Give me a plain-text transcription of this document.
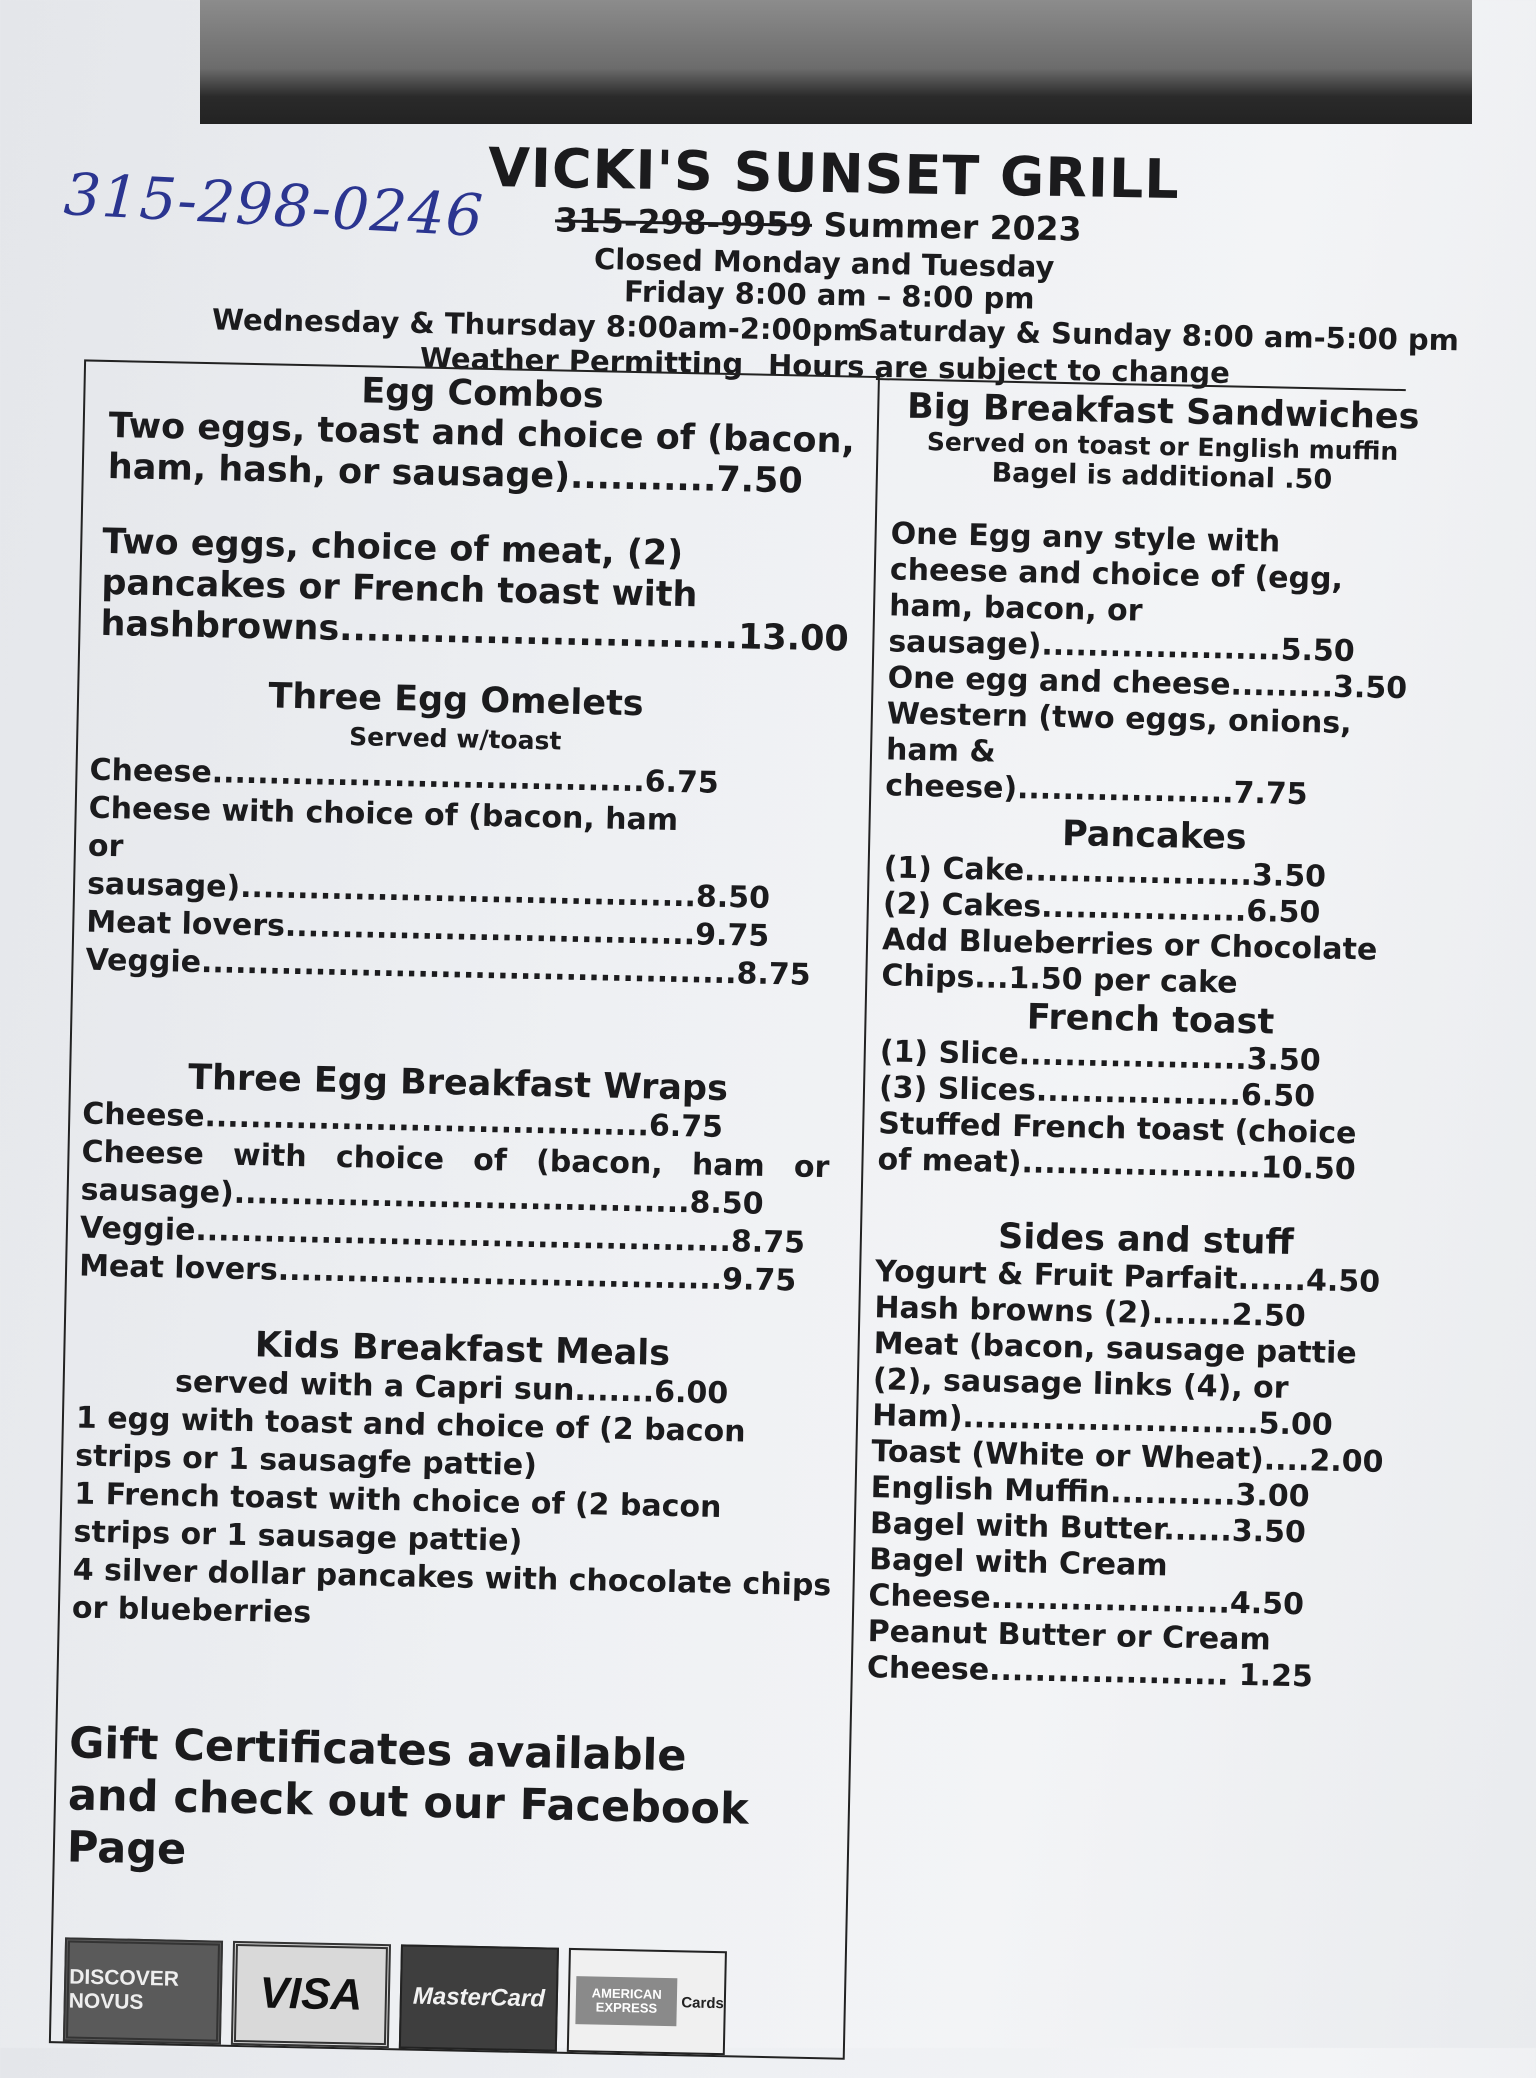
315-298-0246 VICKI'S SUNSET GRILL
315-298-9959 Summer 2023
Closed Monday and Tuesday
Friday 8:00 am – 8:00 pm
Wednesday & Thursday 8:00am-2:00pm
Saturday & Sunday 8:00 am-5:00 pm
Weather Permitting Hours are subject to change
Egg Combos
Two eggs, toast and choice of (bacon, ham, hash, or sausage)...........7.50
Two eggs, choice of meat, (2) pancakes or French toast with hashbrowns..............................13.00
Three Egg Omelets
Served w/toast
Cheese......................................6.75
Cheese with choice of (bacon, ham or sausage)........................................8.50
Meat lovers....................................9.75
Veggie...............................................8.75
Three Egg Breakfast Wraps
Cheese.......................................6.75
Cheese with choice of (bacon, ham or sausage)........................................8.50
Veggie...............................................8.75
Meat lovers.......................................9.75
Kids Breakfast Meals
served with a Capri sun.......6.00
1 egg with toast and choice of (2 bacon strips or 1 sausagfe pattie)
1 French toast with choice of (2 bacon strips or 1 sausage pattie)
4 silver dollar pancakes with chocolate chips or blueberries
Gift Certificates available and check out our Facebook Page
DISCOVER NOVUS	VISA	MasterCard	AMERICAN EXPRESS	Cards
Big Breakfast Sandwiches
Served on toast or English muffin
Bagel is additional .50
One Egg any style with cheese and choice of (egg, ham, bacon, or sausage).....................5.50
One egg and cheese.........3.50
Western (two eggs, onions, ham & cheese)...................7.75
Pancakes
(1) Cake....................3.50
(2) Cakes..................6.50
Add Blueberries or Chocolate Chips...1.50 per cake
French toast
(1) Slice....................3.50
(3) Slices..................6.50
Stuffed French toast (choice of meat).....................10.50
Sides and stuff
Yogurt & Fruit Parfait......4.50
Hash browns (2).......2.50
Meat (bacon, sausage pattie (2), sausage links (4), or Ham)..........................5.00
Toast (White or Wheat)....2.00
English Muffin...........3.00
Bagel with Butter......3.50
Bagel with Cream Cheese.....................4.50
Peanut Butter or Cream Cheese..................... 1.25
